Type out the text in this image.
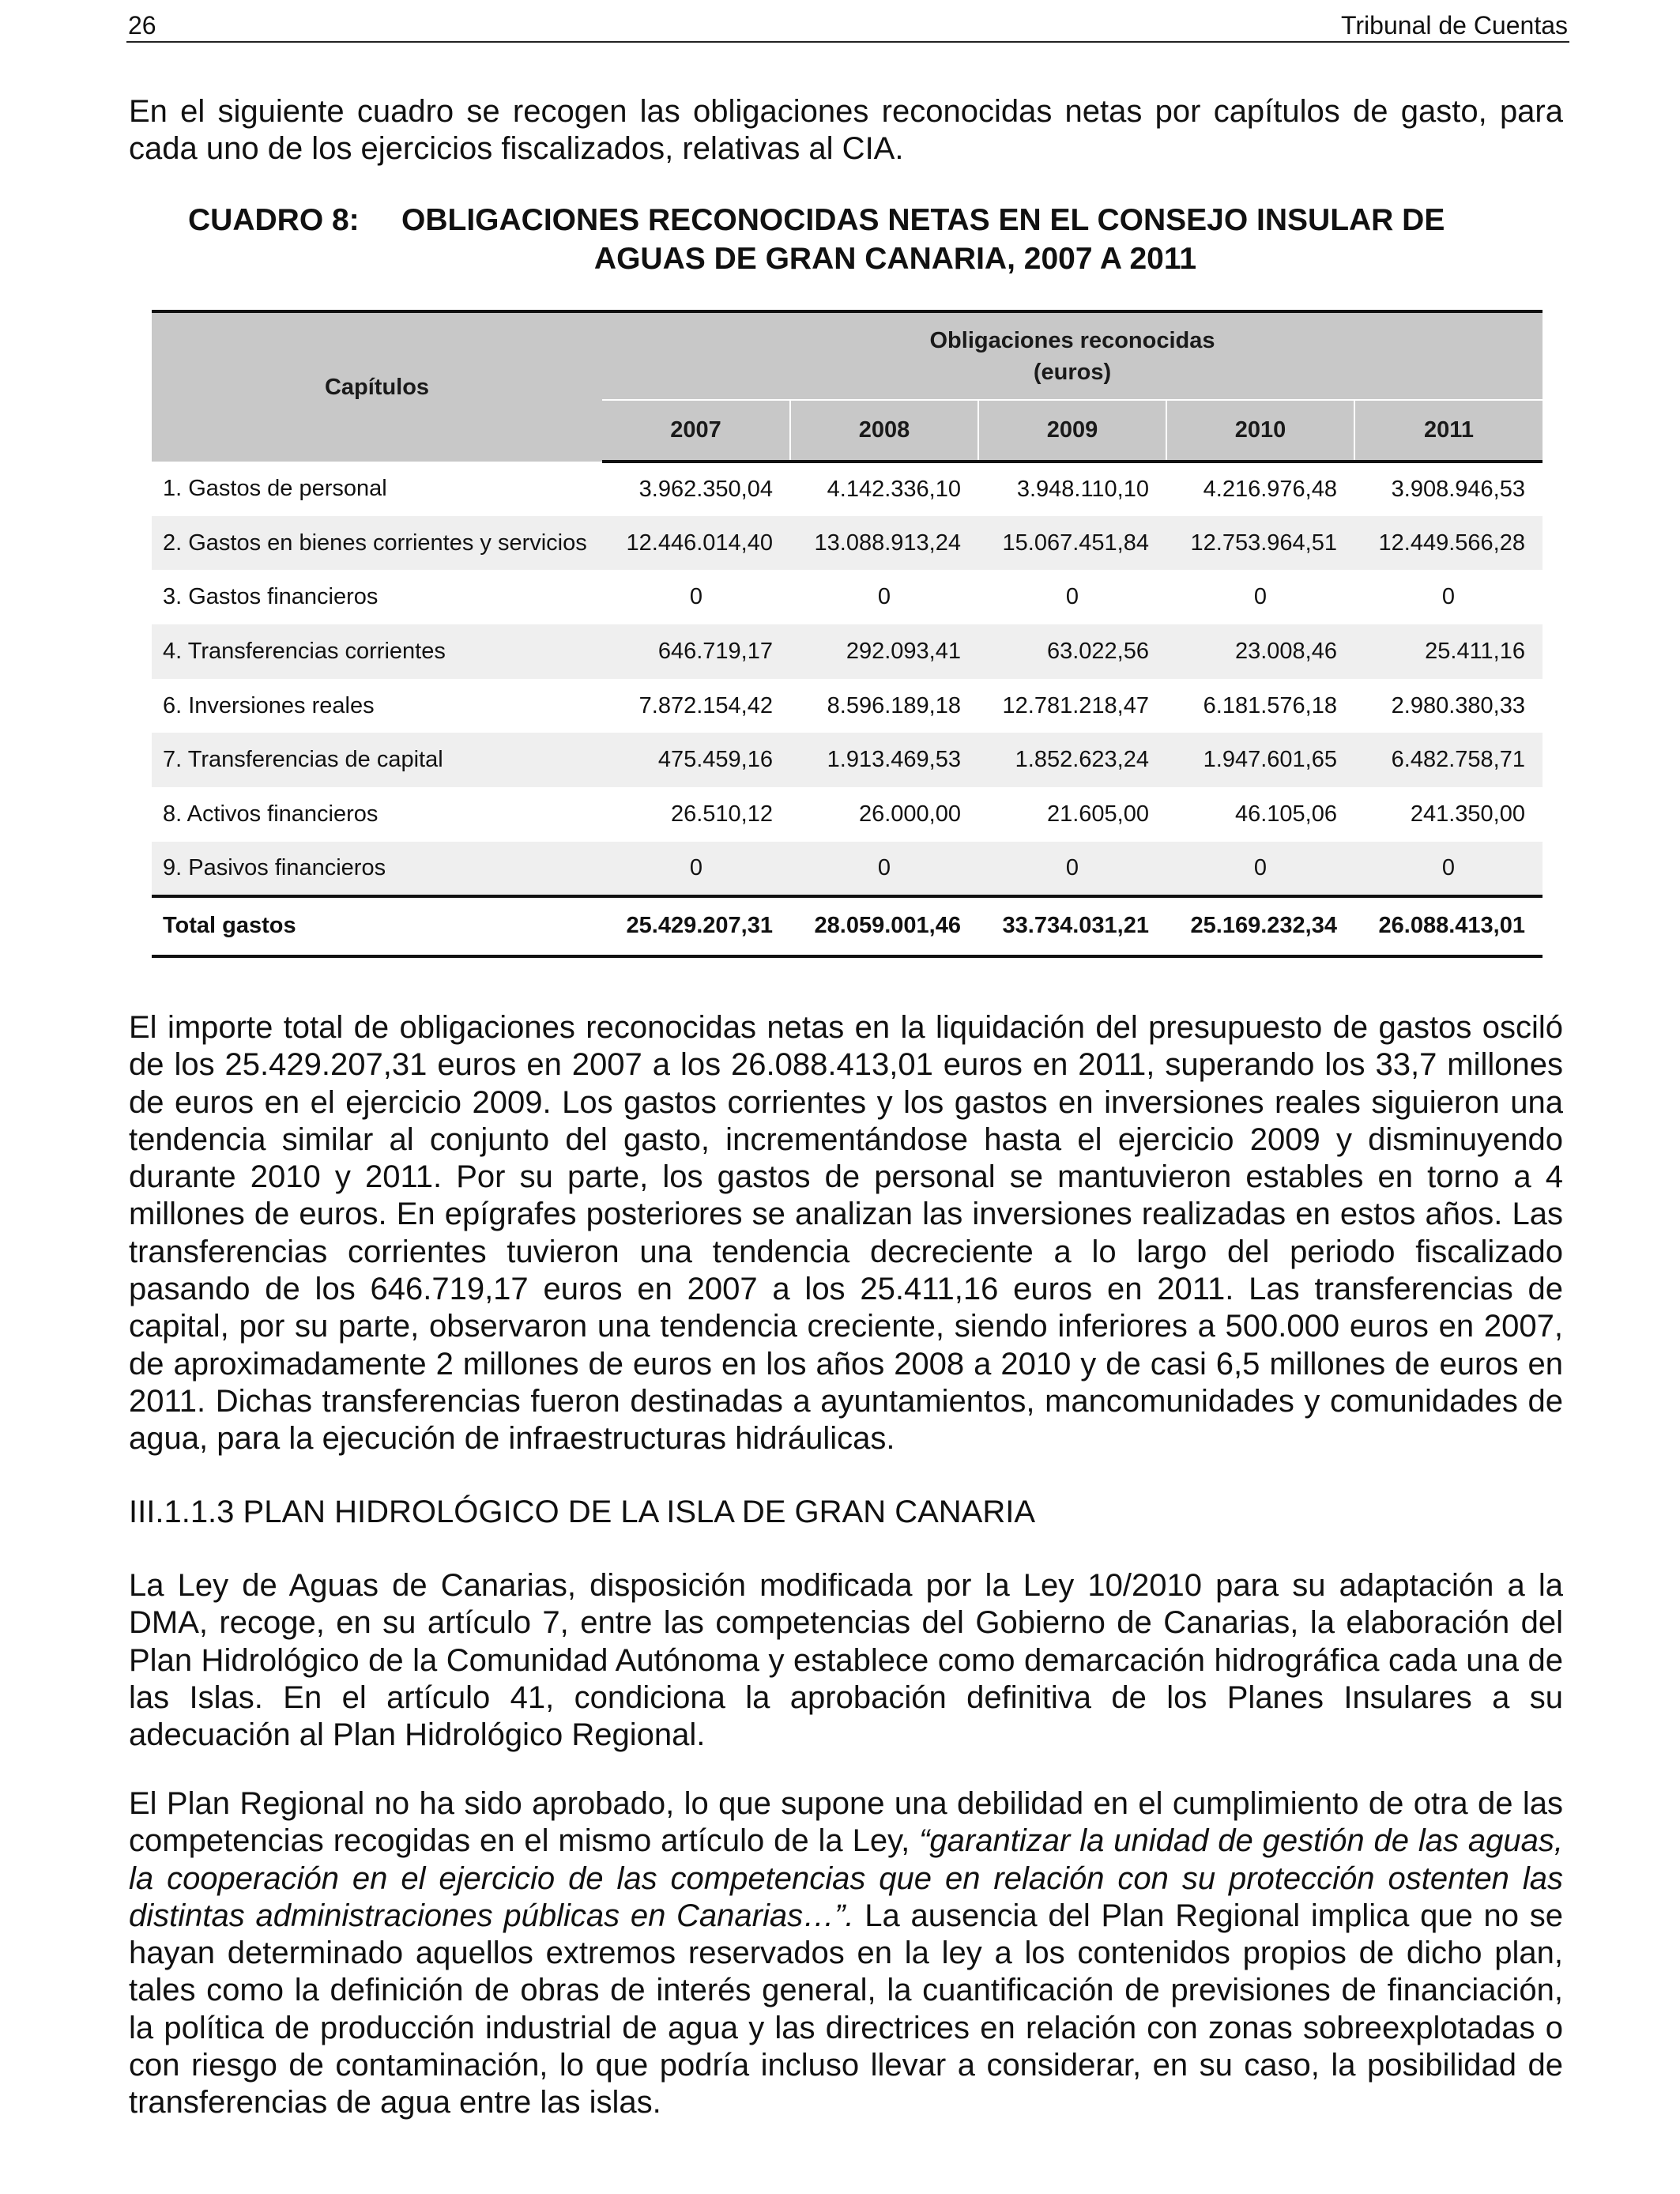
26	Tribunal de Cuentas

En el siguiente cuadro se recogen las obligaciones reconocidas netas por capítulos de gasto, para cada uno de los ejercicios fiscalizados, relativas al CIA.

CUADRO 8:	OBLIGACIONES RECONOCIDAS NETAS EN EL CONSEJO INSULAR DE
AGUAS DE GRAN CANARIA, 2007 A 2011
Capítulos	Obligaciones reconocidas
(euros)				

	2007	2008	2009	2010	2011
1. Gastos de personal	3.962.350,04	4.142.336,10	3.948.110,10	4.216.976,48	3.908.946,53
2. Gastos en bienes corrientes y servicios	12.446.014,40	13.088.913,24	15.067.451,84	12.753.964,51	12.449.566,28
3. Gastos financieros	0	0	0	0	0
4. Transferencias corrientes	646.719,17	292.093,41	63.022,56	23.008,46	25.411,16
6. Inversiones reales	7.872.154,42	8.596.189,18	12.781.218,47	6.181.576,18	2.980.380,33
7. Transferencias de capital	475.459,16	1.913.469,53	1.852.623,24	1.947.601,65	6.482.758,71
8. Activos financieros	26.510,12	26.000,00	21.605,00	46.105,06	241.350,00
9. Pasivos financieros	0	0	0	0	0
Total gastos	25.429.207,31	28.059.001,46	33.734.031,21	25.169.232,34	26.088.413,01

El importe total de obligaciones reconocidas netas en la liquidación del presupuesto de gastos osciló de los 25.429.207,31 euros en 2007 a los 26.088.413,01 euros en 2011, superando los 33,7 millones de euros en el ejercicio 2009. Los gastos corrientes y los gastos en inversiones reales siguieron una tendencia similar al conjunto del gasto, incrementándose hasta el ejercicio 2009 y disminuyendo durante 2010 y 2011. Por su parte, los gastos de personal se mantuvieron estables en torno a 4 millones de euros. En epígrafes posteriores se analizan las inversiones realizadas en estos años. Las transferencias corrientes tuvieron una tendencia decreciente a lo largo del periodo fiscalizado pasando de los 646.719,17 euros en 2007 a los 25.411,16 euros en 2011. Las transferencias de capital, por su parte, observaron una tendencia creciente, siendo inferiores a 500.000 euros en 2007, de aproximadamente 2 millones de euros en los años 2008 a 2010 y de casi 6,5 millones de euros en 2011. Dichas transferencias fueron destinadas a ayuntamientos, mancomunidades y comunidades de agua, para la ejecución de infraestructuras hidráulicas.

III.1.1.3 PLAN HIDROLÓGICO DE LA ISLA DE GRAN CANARIA

La Ley de Aguas de Canarias, disposición modificada por la Ley 10/2010 para su adaptación a la DMA, recoge, en su artículo 7, entre las competencias del Gobierno de Canarias, la elaboración del Plan Hidrológico de la Comunidad Autónoma y establece como demarcación hidrográfica cada una de las Islas. En el artículo 41, condiciona la aprobación definitiva de los Planes Insulares a su adecuación al Plan Hidrológico Regional.

El Plan Regional no ha sido aprobado, lo que supone una debilidad en el cumplimiento de otra de las competencias recogidas en el mismo artículo de la Ley, “garantizar la unidad de gestión de las aguas, la cooperación en el ejercicio de las competencias que en relación con su protección ostenten las distintas administraciones públicas en Canarias…”. La ausencia del Plan Regional implica que no se hayan determinado aquellos extremos reservados en la ley a los contenidos propios de dicho plan, tales como la definición de obras de interés general, la cuantificación de previsiones de financiación, la política de producción industrial de agua y las directrices en relación con zonas sobreexplotadas o con riesgo de contaminación, lo que podría incluso llevar a considerar, en su caso, la posibilidad de transferencias de agua entre las islas.
